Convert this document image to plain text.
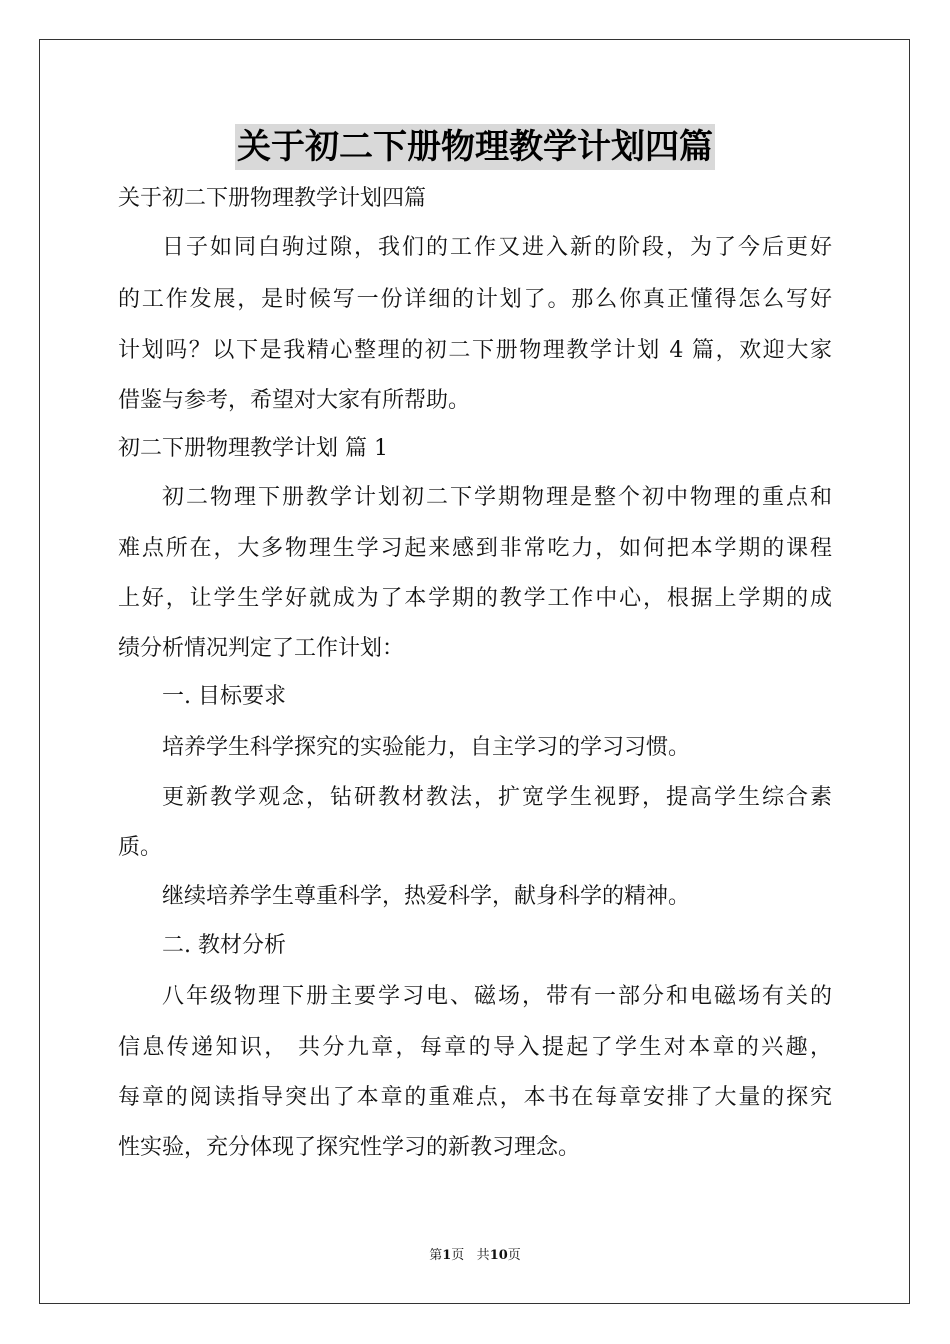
关于初二下册物理教学计划四篇
关于初二下册物理教学计划四篇
日子如同白驹过隙，我们的工作又进入新的阶段，为了今后更好
的工作发展，是时候写一份详细的计划了。那么你真正懂得怎么写好
计划吗？以下是我精心整理的初二下册物理教学计划 4 篇，欢迎大家
借鉴与参考，希望对大家有所帮助。
初二下册物理教学计划 篇 1
初二物理下册教学计划初二下学期物理是整个初中物理的重点和
难点所在，大多物理生学习起来感到非常吃力，如何把本学期的课程
上好，让学生学好就成为了本学期的教学工作中心，根据上学期的成
绩分析情况判定了工作计划：
一. 目标要求
培养学生科学探究的实验能力，自主学习的学习习惯。
更新教学观念，钻研教材教法，扩宽学生视野，提高学生综合素
质。
继续培养学生尊重科学，热爱科学，献身科学的精神。
二. 教材分析
八年级物理下册主要学习电、磁场，带有一部分和电磁场有关的
信息传递知识， 共分九章，每章的导入提起了学生对本章的兴趣，
每章的阅读指导突出了本章的重难点，本书在每章安排了大量的探究
性实验，充分体现了探究性学习的新教习理念。
第1页 共10页
